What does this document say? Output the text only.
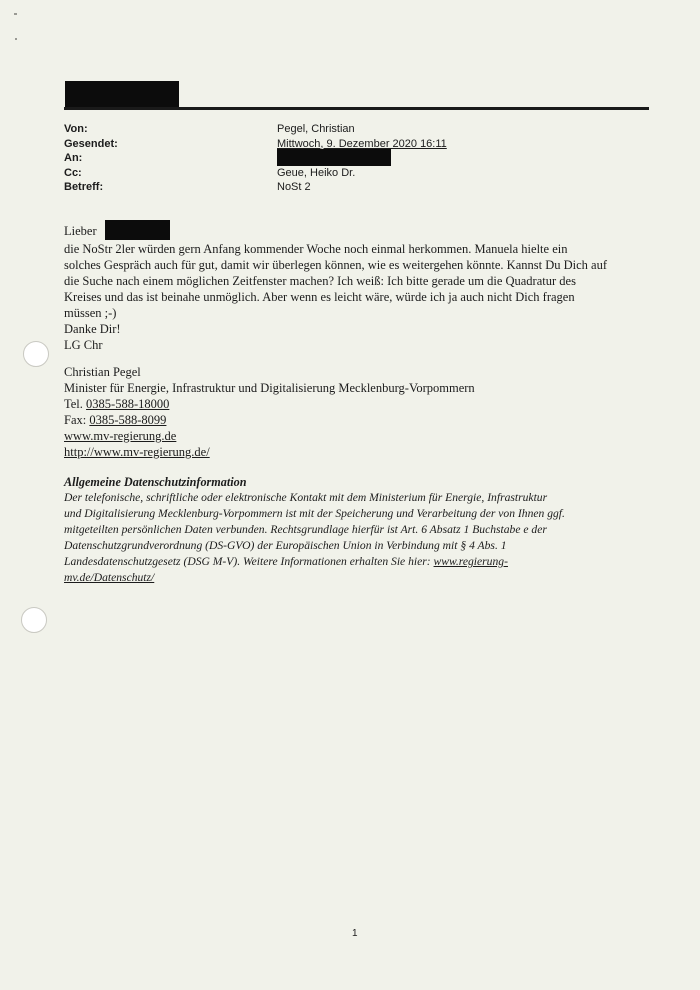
Von:	Pegel, Christian
Gesendet:	Mittwoch, 9. Dezember 2020 16:11
An:
Cc:	Geue, Heiko Dr.
Betreff:	NoSt 2
Lieber
die NoStr 2ler würden gern Anfang kommender Woche noch einmal herkommen. Manuela hielte ein
solches Gespräch auch für gut, damit wir überlegen können, wie es weitergehen könnte. Kannst Du Dich auf
die Suche nach einem möglichen Zeitfenster machen? Ich weiß: Ich bitte gerade um die Quadratur des
Kreises und das ist beinahe unmöglich. Aber wenn es leicht wäre, würde ich ja auch nicht Dich fragen
müssen ;-)
Danke Dir!
LG Chr
Christian Pegel
Minister für Energie, Infrastruktur und Digitalisierung Mecklenburg-Vorpommern
Tel. 0385-588-18000
Fax: 0385-588-8099
www.mv-regierung.de
http://www.mv-regierung.de/
Allgemeine Datenschutzinformation
Der telefonische, schriftliche oder elektronische Kontakt mit dem Ministerium für Energie, Infrastruktur
und Digitalisierung Mecklenburg-Vorpommern ist mit der Speicherung und Verarbeitung der von Ihnen ggf.
mitgeteilten persönlichen Daten verbunden. Rechtsgrundlage hierfür ist Art. 6 Absatz 1 Buchstabe e der
Datenschutzgrundverordnung (DS-GVO) der Europäischen Union in Verbindung mit § 4 Abs. 1
Landesdatenschutzgesetz (DSG M-V). Weitere Informationen erhalten Sie hier: www.regierung-
mv.de/Datenschutz/
1
